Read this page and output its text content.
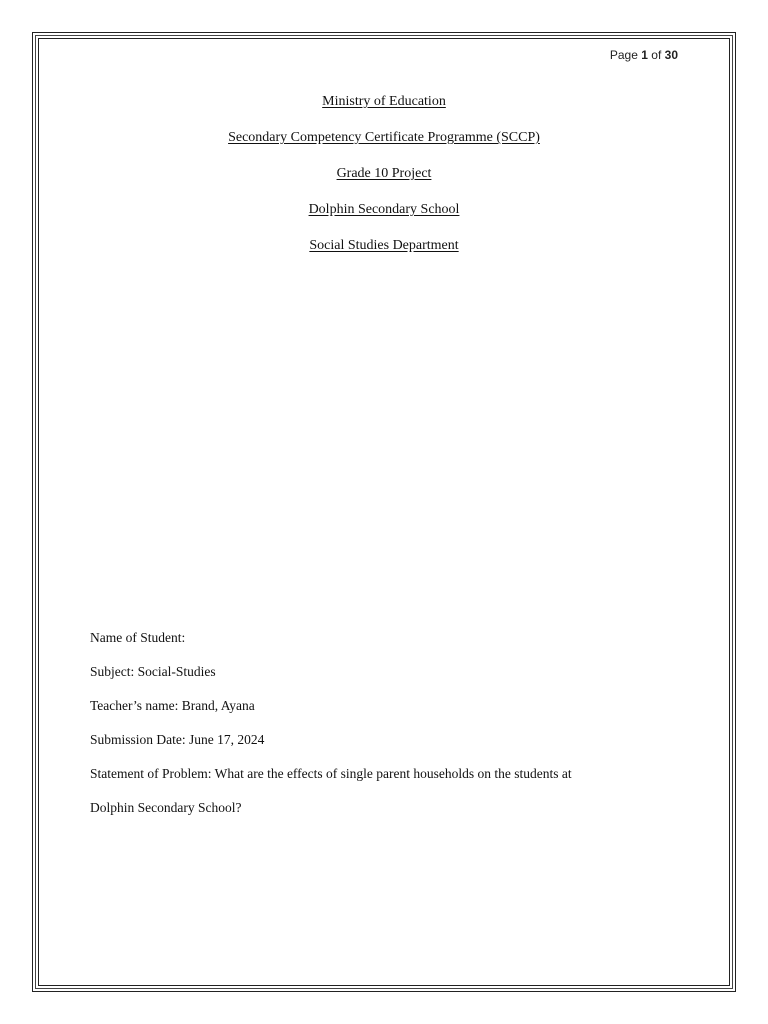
Page 1 of 30
Ministry of Education
Secondary Competency Certificate Programme (SCCP)
Grade 10 Project
Dolphin Secondary School
Social Studies Department
Name of Student:
Subject: Social-Studies
Teacher’s name: Brand, Ayana
Submission Date: June 17, 2024
Statement of Problem: What are the effects of single parent households on the students at
Dolphin Secondary School?
